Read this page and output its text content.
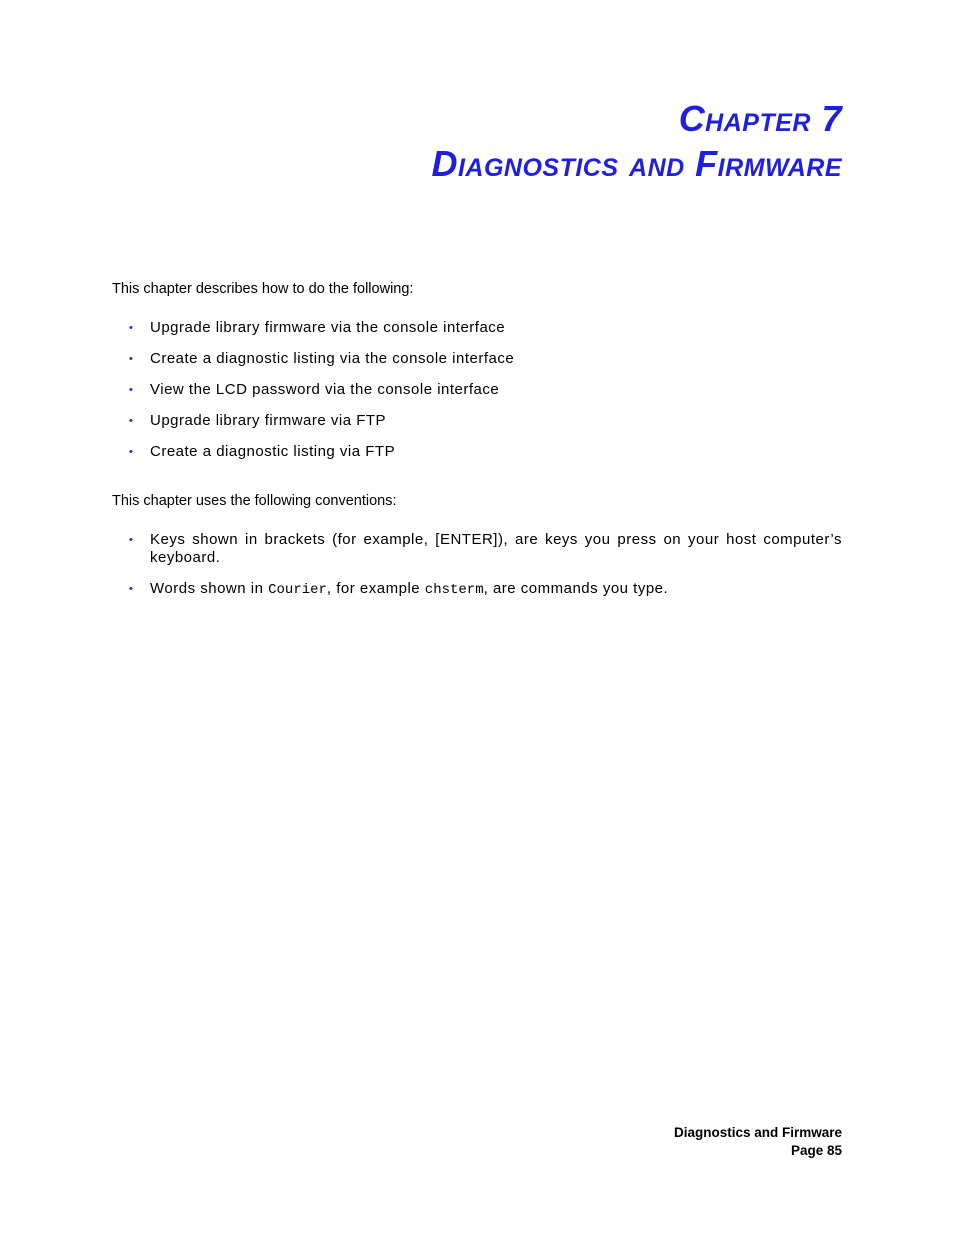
Chapter 7
Diagnostics and Firmware
This chapter describes how to do the following:
• Upgrade library firmware via the console interface
• Create a diagnostic listing via the console interface
• View the LCD password via the console interface
• Upgrade library firmware via FTP
• Create a diagnostic listing via FTP
This chapter uses the following conventions:
• Keys shown in brackets (for example, [ENTER]), are keys you press on your host computer’s keyboard.
• Words shown in Courier, for example chsterm, are commands you type.
Diagnostics and Firmware
Page 85
